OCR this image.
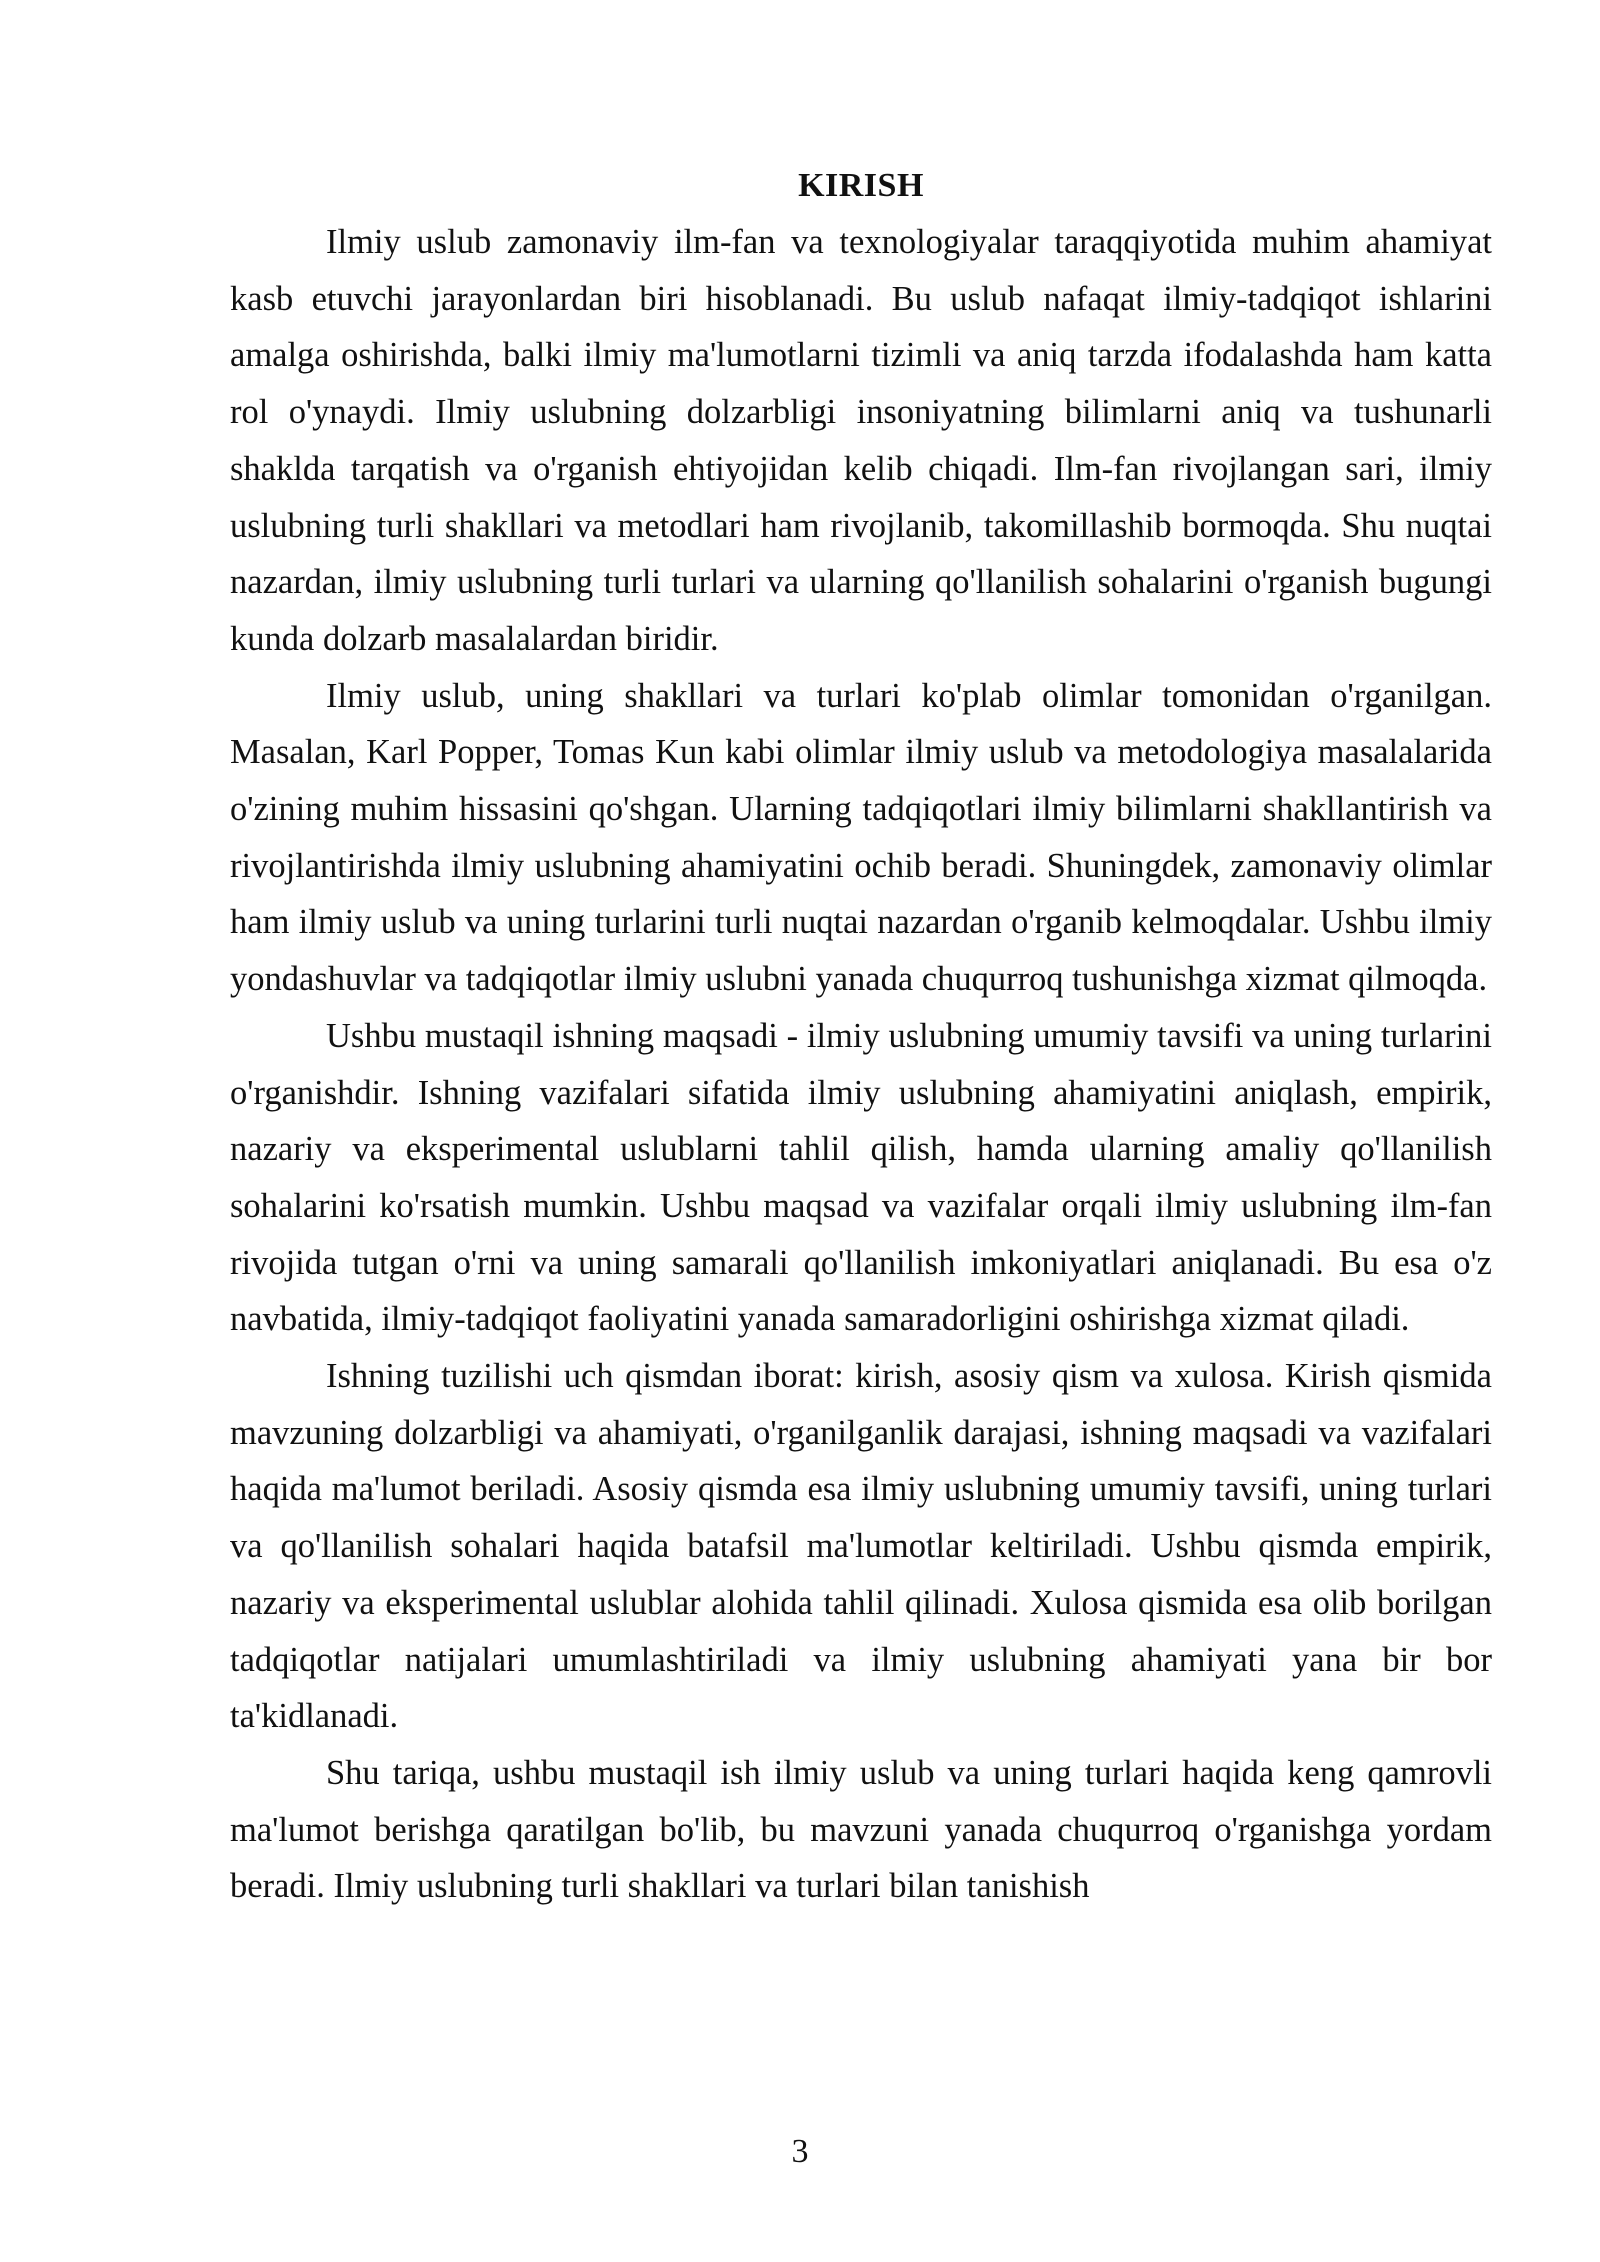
KIRISH

Ilmiy uslub zamonaviy ilm-fan va texnologiyalar taraqqiyotida muhim ahamiyat kasb etuvchi jarayonlardan biri hisoblanadi. Bu uslub nafaqat ilmiy-tadqiqot ishlarini amalga oshirishda, balki ilmiy ma'lumotlarni tizimli va aniq tarzda ifodalashda ham katta rol o'ynaydi. Ilmiy uslubning dolzarbligi insoniyatning bilimlarni aniq va tushunarli shaklda tarqatish va o'rganish ehtiyojidan kelib chiqadi. Ilm-fan rivojlangan sari, ilmiy uslubning turli shakllari va metodlari ham rivojlanib, takomillashib bormoqda. Shu nuqtai nazardan, ilmiy uslubning turli turlari va ularning qo'llanilish sohalarini o'rganish bugungi kunda dolzarb masalalardan biridir.

Ilmiy uslub, uning shakllari va turlari ko'plab olimlar tomonidan o'rganilgan. Masalan, Karl Popper, Tomas Kun kabi olimlar ilmiy uslub va metodologiya masalalarida o'zining muhim hissasini qo'shgan. Ularning tadqiqotlari ilmiy bilimlarni shakllantirish va rivojlantirishda ilmiy uslubning ahamiyatini ochib beradi. Shuningdek, zamonaviy olimlar ham ilmiy uslub va uning turlarini turli nuqtai nazardan o'rganib kelmoqdalar. Ushbu ilmiy yondashuvlar va tadqiqotlar ilmiy uslubni yanada chuqurroq tushunishga xizmat qilmoqda.

Ushbu mustaqil ishning maqsadi - ilmiy uslubning umumiy tavsifi va uning turlarini o'rganishdir. Ishning vazifalari sifatida ilmiy uslubning ahamiyatini aniqlash, empirik, nazariy va eksperimental uslublarni tahlil qilish, hamda ularning amaliy qo'llanilish sohalarini ko'rsatish mumkin. Ushbu maqsad va vazifalar orqali ilmiy uslubning ilm-fan rivojida tutgan o'rni va uning samarali qo'llanilish imkoniyatlari aniqlanadi. Bu esa o'z navbatida, ilmiy-tadqiqot faoliyatini yanada samaradorligini oshirishga xizmat qiladi.

Ishning tuzilishi uch qismdan iborat: kirish, asosiy qism va xulosa. Kirish qismida mavzuning dolzarbligi va ahamiyati, o'rganilganlik darajasi, ishning maqsadi va vazifalari haqida ma'lumot beriladi. Asosiy qismda esa ilmiy uslubning umumiy tavsifi, uning turlari va qo'llanilish sohalari haqida batafsil ma'lumotlar keltiriladi. Ushbu qismda empirik, nazariy va eksperimental uslublar alohida tahlil qilinadi. Xulosa qismida esa olib borilgan tadqiqotlar natijalari umumlashtiriladi va ilmiy uslubning ahamiyati yana bir bor ta'kidlanadi.

Shu tariqa, ushbu mustaqil ish ilmiy uslub va uning turlari haqida keng qamrovli ma'lumot berishga qaratilgan bo'lib, bu mavzuni yanada chuqurroq o'rganishga yordam beradi. Ilmiy uslubning turli shakllari va turlari bilan tanishish

3
